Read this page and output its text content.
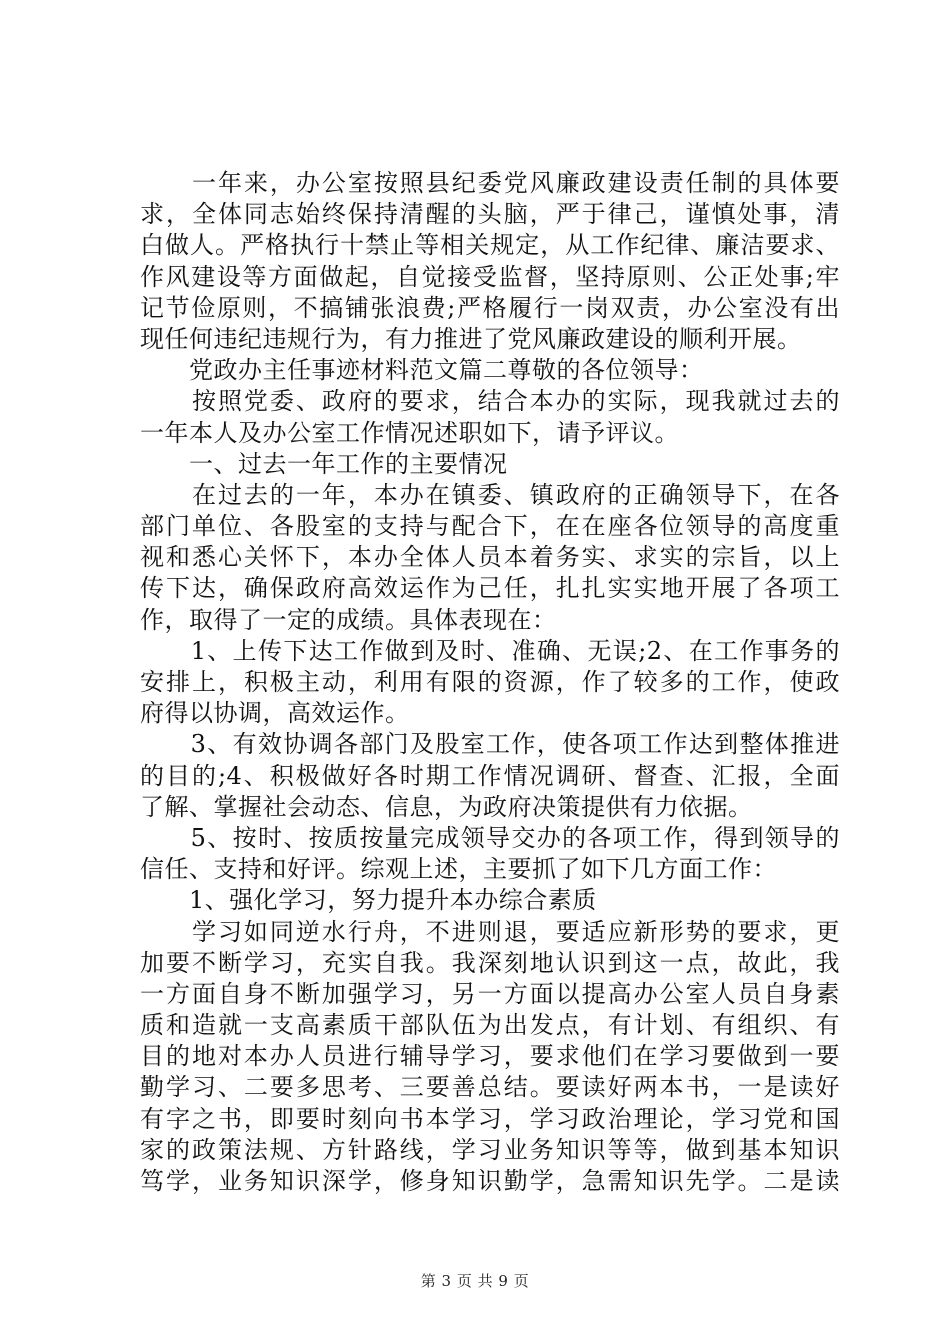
　　一年来，办公室按照县纪委党风廉政建设责任制的具体要
求，全体同志始终保持清醒的头脑，严于律己，谨慎处事，清
白做人。严格执行十禁止等相关规定，从工作纪律、廉洁要求、
作风建设等方面做起，自觉接受监督，坚持原则、公正处事;牢
记节俭原则，不搞铺张浪费;严格履行一岗双责，办公室没有出
现任何违纪违规行为，有力推进了党风廉政建设的顺利开展。
　　党政办主任事迹材料范文篇二尊敬的各位领导：
　　按照党委、政府的要求，结合本办的实际，现我就过去的
一年本人及办公室工作情况述职如下，请予评议。
　　一、过去一年工作的主要情况
　　在过去的一年，本办在镇委、镇政府的正确领导下，在各
部门单位、各股室的支持与配合下，在在座各位领导的高度重
视和悉心关怀下，本办全体人员本着务实、求实的宗旨，以上
传下达，确保政府高效运作为己任，扎扎实实地开展了各项工
作，取得了一定的成绩。具体表现在：
　　1、上传下达工作做到及时、准确、无误;2、在工作事务的
安排上，积极主动，利用有限的资源，作了较多的工作，使政
府得以协调，高效运作。
　　3、有效协调各部门及股室工作，使各项工作达到整体推进
的目的;4、积极做好各时期工作情况调研、督查、汇报，全面
了解、掌握社会动态、信息，为政府决策提供有力依据。
　　5、按时、按质按量完成领导交办的各项工作，得到领导的
信任、支持和好评。综观上述，主要抓了如下几方面工作：
　　1、强化学习，努力提升本办综合素质
　　学习如同逆水行舟，不进则退，要适应新形势的要求，更
加要不断学习，充实自我。我深刻地认识到这一点，故此，我
一方面自身不断加强学习，另一方面以提高办公室人员自身素
质和造就一支高素质干部队伍为出发点，有计划、有组织、有
目的地对本办人员进行辅导学习，要求他们在学习要做到一要
勤学习、二要多思考、三要善总结。要读好两本书，一是读好
有字之书，即要时刻向书本学习，学习政治理论，学习党和国
家的政策法规、方针路线，学习业务知识等等，做到基本知识
笃学，业务知识深学，修身知识勤学，急需知识先学。二是读
第 3 页 共 9 页
